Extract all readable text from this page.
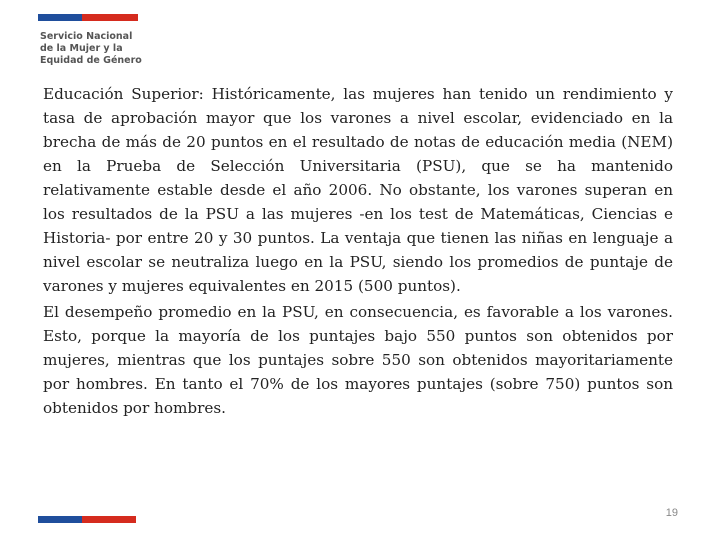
Servicio Nacional
de la Mujer y la
Equidad de Género

Educación Superior: Históricamente, las mujeres han tenido un rendimiento y tasa de aprobación mayor que los varones a nivel escolar, evidenciado en la brecha de más de 20 puntos en el resultado de notas de educación media (NEM) en la Prueba de Selección Universitaria (PSU), que se ha mantenido relativamente estable desde el año 2006. No obstante, los varones superan en los resultados de la PSU a las mujeres -en los test de Matemáticas, Ciencias e Historia- por entre 20 y 30 puntos. La ventaja que tienen las niñas en lenguaje a nivel escolar se neutraliza luego en la PSU, siendo los promedios de puntaje de varones y mujeres equivalentes en 2015 (500 puntos).

El desempeño promedio en la PSU, en consecuencia, es favorable a los varones. Esto, porque la mayoría de los puntajes bajo 550 puntos son obtenidos por mujeres, mientras que los puntajes sobre 550 son obtenidos mayoritariamente por hombres. En tanto el 70% de los mayores puntajes (sobre 750) puntos son obtenidos por hombres.

19
